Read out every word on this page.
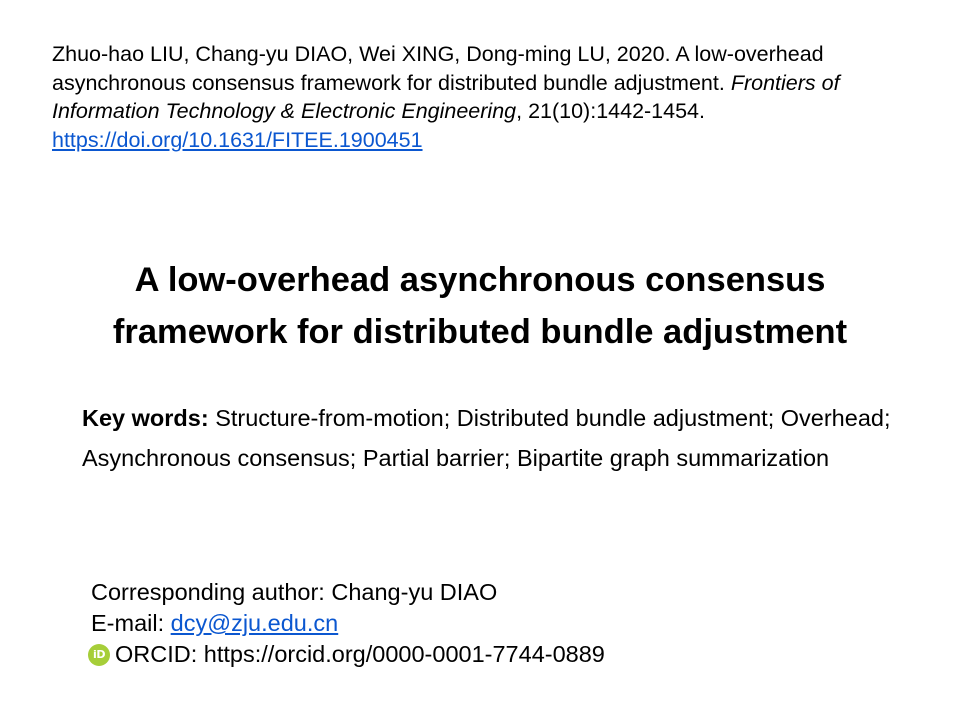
Zhuo-hao LIU, Chang-yu DIAO, Wei XING, Dong-ming LU, 2020. A low-overhead asynchronous consensus framework for distributed bundle adjustment. Frontiers of Information Technology & Electronic Engineering, 21(10):1442-1454.
https://doi.org/10.1631/FITEE.1900451
A low-overhead asynchronous consensus
framework for distributed bundle adjustment
Key words: Structure-from-motion; Distributed bundle adjustment; Overhead; Asynchronous consensus; Partial barrier; Bipartite graph summarization
Corresponding author: Chang-yu DIAO
E-mail:
dcy@zju.edu.cn
iD ORCID: https://orcid.org/0000-0001-7744-0889
